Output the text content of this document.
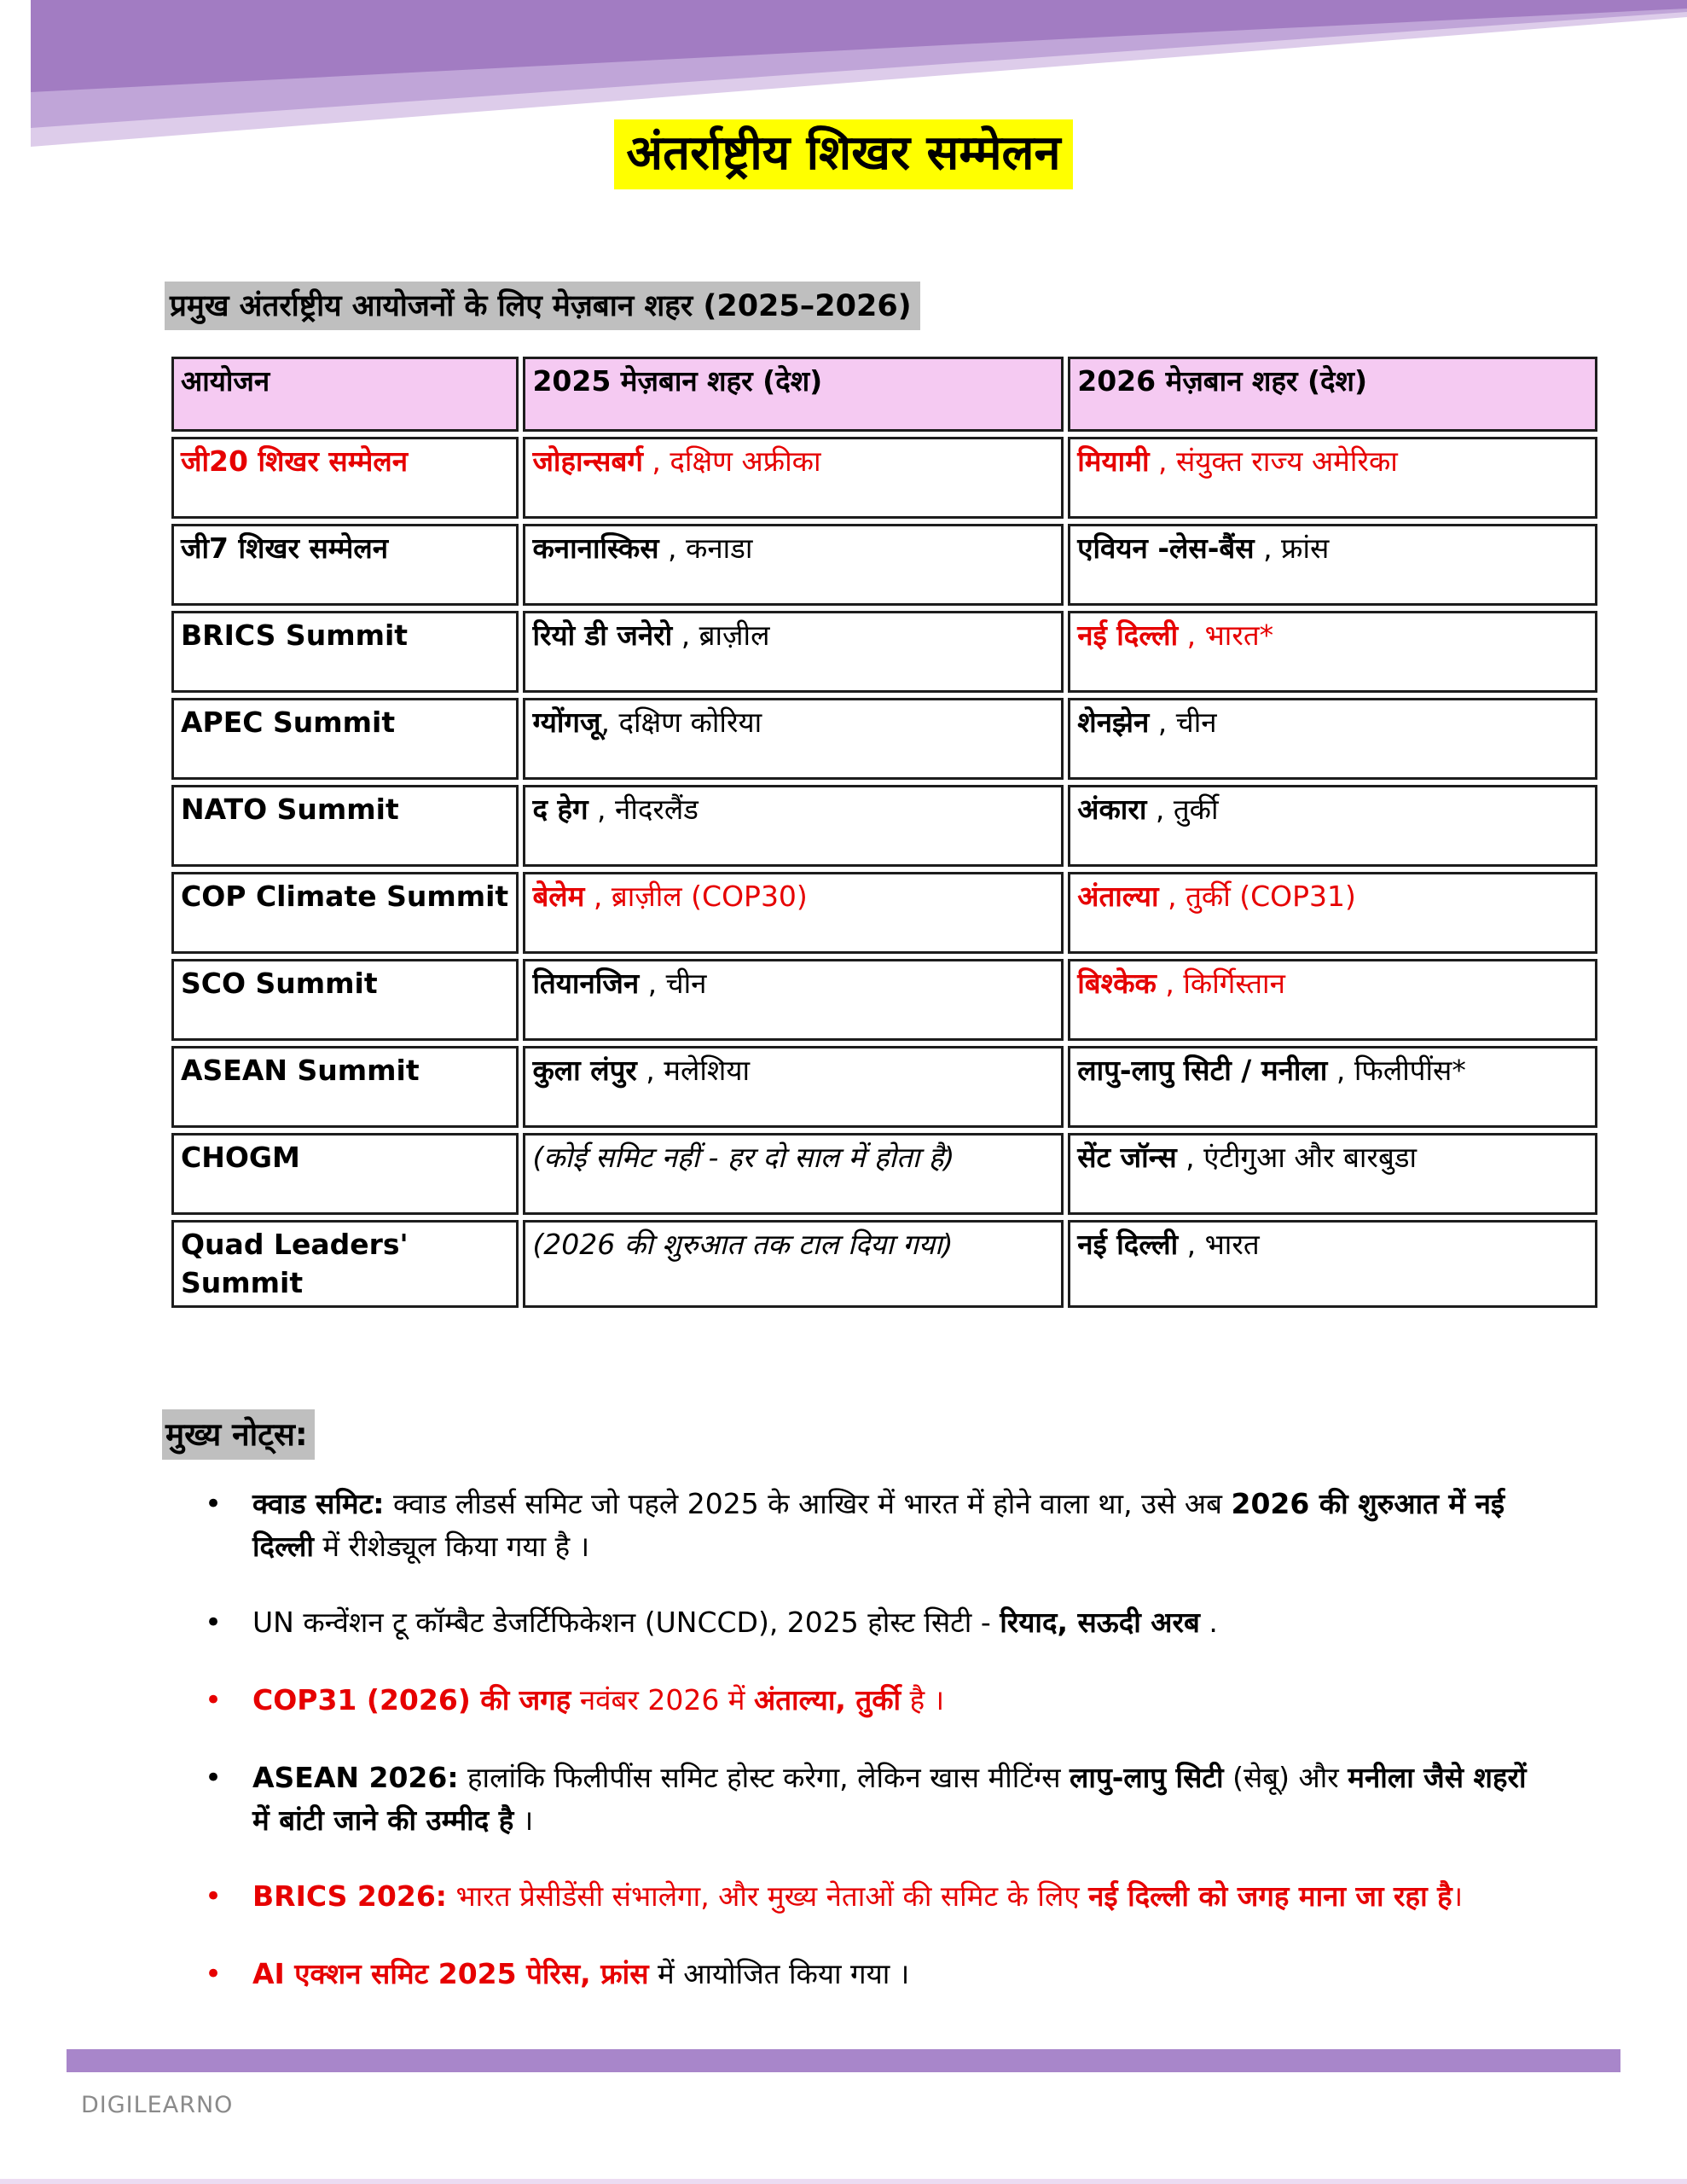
अंतर्राष्ट्रीय शिखर सम्मेलन
प्रमुख अंतर्राष्ट्रीय आयोजनों के लिए मेज़बान शहर (2025–2026)
आयोजन	2025 मेज़बान शहर (देश)	2026 मेज़बान शहर (देश)
जी20 शिखर सम्मेलन	जोहान्सबर्ग , दक्षिण अफ्रीका	मियामी , संयुक्त राज्य अमेरिका
जी7 शिखर सम्मेलन	कनानास्किस , कनाडा	एवियन -लेस-बैंस , फ्रांस
BRICS Summit	रियो डी जनेरो , ब्राज़ील	नई दिल्ली , भारत*
APEC Summit	ग्योंगजू, दक्षिण कोरिया	शेनझेन , चीन
NATO Summit	द हेग , नीदरलैंड	अंकारा , तुर्की
COP Climate Summit	बेलेम , ब्राज़ील (COP30)	अंताल्या , तुर्की (COP31)
SCO Summit	तियानजिन , चीन	बिश्केक , किर्गिस्तान
ASEAN Summit	कुला लंपुर , मलेशिया	लापु-लापु सिटी / मनीला , फिलीपींस*
CHOGM	(कोई समिट नहीं - हर दो साल में होता है)	सेंट जॉन्स , एंटीगुआ और बारबुडा
Quad Leaders' Summit	(2026 की शुरुआत तक टाल दिया गया)	नई दिल्ली , भारत
मुख्य नोट्स:
•	क्वाड समिट: क्वाड लीडर्स समिट जो पहले 2025 के आखिर में भारत में होने वाला था, उसे अब 2026 की शुरुआत में नई दिल्ली में रीशेड्यूल किया गया है ।
•	UN कन्वेंशन टू कॉम्बैट डेजर्टिफिकेशन (UNCCD), 2025 होस्ट सिटी - रियाद, सऊदी अरब .
•	COP31 (2026) की जगह नवंबर 2026 में अंताल्या, तुर्की है ।
•	ASEAN 2026: हालांकि फिलीपींस समिट होस्ट करेगा, लेकिन खास मीटिंग्स लापु-लापु सिटी (सेबू) और मनीला जैसे शहरों में बांटी जाने की उम्मीद है ।
•	BRICS 2026: भारत प्रेसीडेंसी संभालेगा, और मुख्य नेताओं की समिट के लिए नई दिल्ली को जगह माना जा रहा है।
•	AI एक्शन समिट 2025 पेरिस, फ्रांस में आयोजित किया गया ।
DIGILEARNO
